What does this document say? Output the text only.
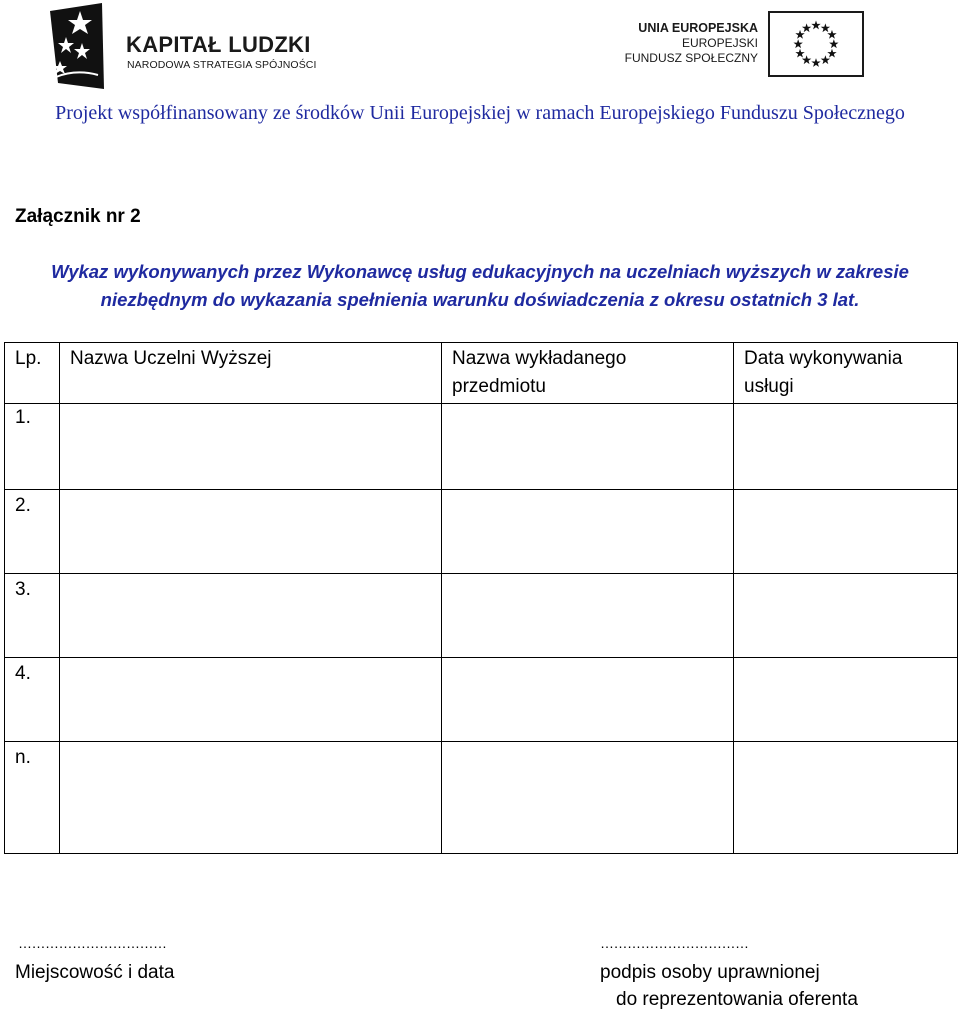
KAPITAŁ LUDZKI
NARODOWA STRATEGIA SPÓJNOŚCI
UNIA EUROPEJSKA
EUROPEJSKI
FUNDUSZ SPOŁECZNY
Projekt współfinansowany ze środków Unii Europejskiej w ramach Europejskiego Funduszu Społecznego
Załącznik nr 2
Wykaz wykonywanych przez Wykonawcę usług edukacyjnych na uczelniach wyższych w zakresie niezbędnym do wykazania spełnienia warunku doświadczenia z okresu ostatnich 3 lat.
Lp.	Nazwa Uczelni Wyższej	Nazwa wykładanego przedmiotu	Data wykonywania usługi
1.			
2.			
3.			
4.			
n.			
……………………………
Miejscowość i data
……………………………
podpis osoby uprawnionej
do reprezentowania oferenta
